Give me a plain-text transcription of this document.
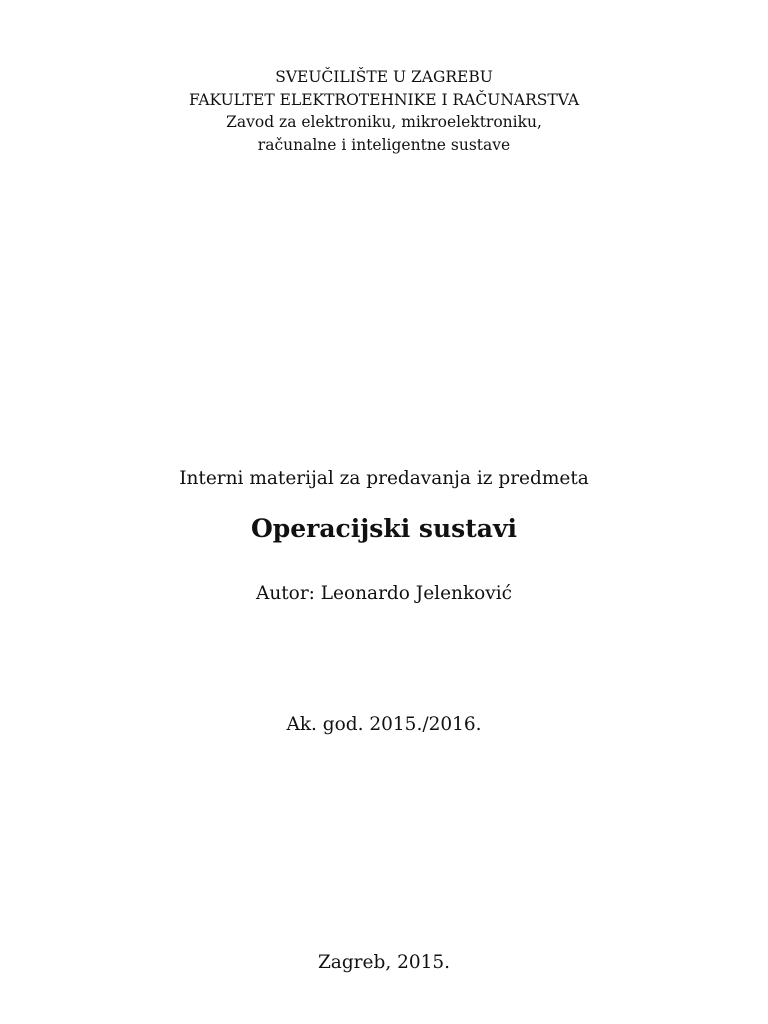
SVEUČILIŠTE U ZAGREBU
FAKULTET ELEKTROTEHNIKE I RAČUNARSTVA
Zavod za elektroniku, mikroelektroniku,
računalne i inteligentne sustave
Interni materijal za predavanja iz predmeta
Operacijski sustavi
Autor: Leonardo Jelenković
Ak. god. 2015./2016.
Zagreb, 2015.
